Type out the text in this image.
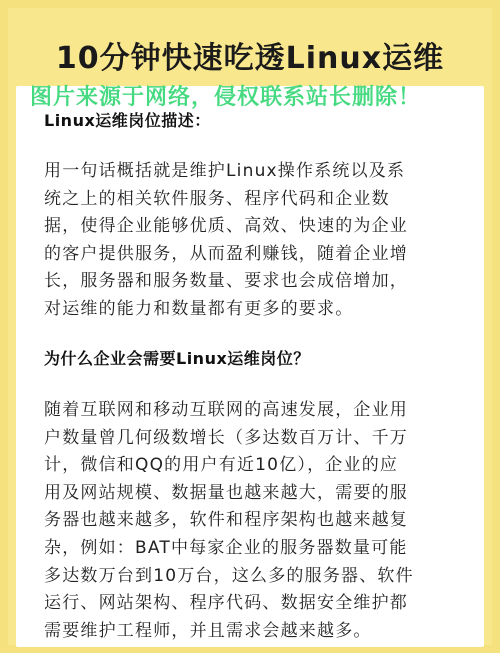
10分钟快速吃透Linux运维
图片来源于网络，侵权联系站长删除！
Linux运维岗位描述：
用一句话概括就是维护Linux操作系统以及系
统之上的相关软件服务、程序代码和企业数
据，使得企业能够优质、高效、快速的为企业
的客户提供服务，从而盈利赚钱，随着企业增
长，服务器和服务数量、要求也会成倍增加，
对运维的能力和数量都有更多的要求。
为什么企业会需要Linux运维岗位？
随着互联网和移动互联网的高速发展，企业用
户数量曾几何级数增长（多达数百万计、千万
计，微信和QQ的用户有近10亿），企业的应
用及网站规模、数据量也越来越大，需要的服
务器也越来越多，软件和程序架构也越来越复
杂，例如：BAT中每家企业的服务器数量可能
多达数万台到10万台，这么多的服务器、软件
运行、网站架构、程序代码、数据安全维护都
需要维护工程师，并且需求会越来越多。
